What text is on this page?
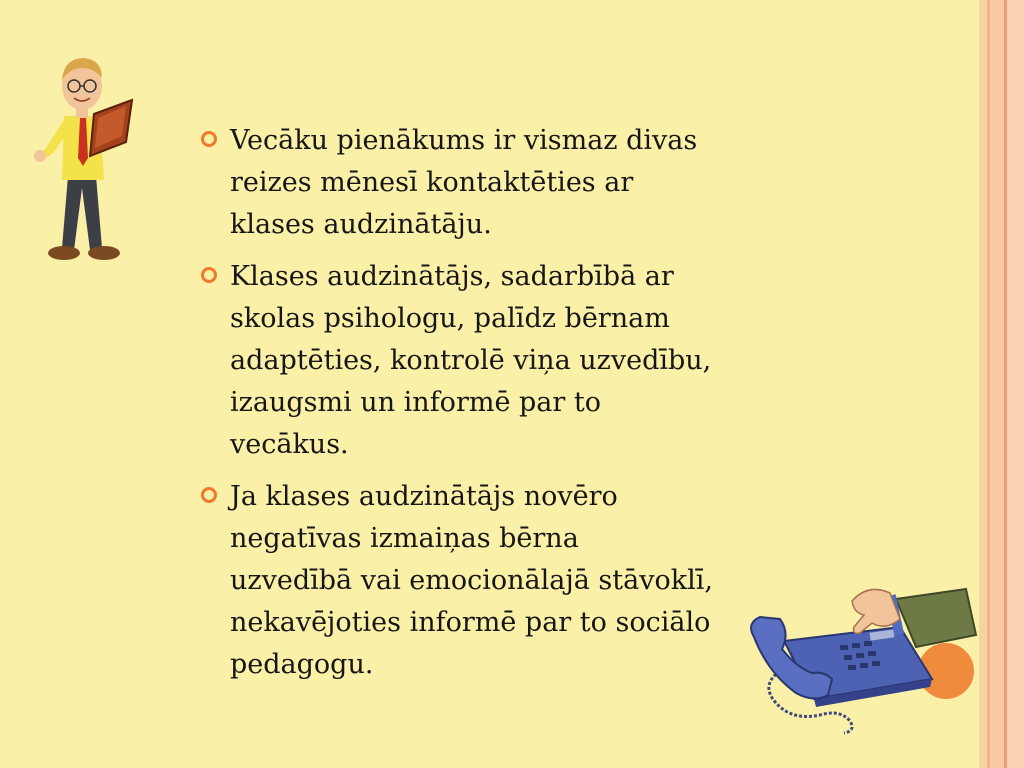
Vecāku pienākums ir vismaz divas
reizes mēnesī kontaktēties ar
klases audzinātāju.
Klases audzinātājs, sadarbībā ar
skolas psihologu, palīdz bērnam
adaptēties, kontrolē viņa uzvedību,
izaugsmi un informē par to
vecākus.
Ja klases audzinātājs novēro
negatīvas izmaiņas bērna
uzvedībā vai emocionālajā stāvoklī,
nekavējoties informē par to sociālo
pedagogu.
